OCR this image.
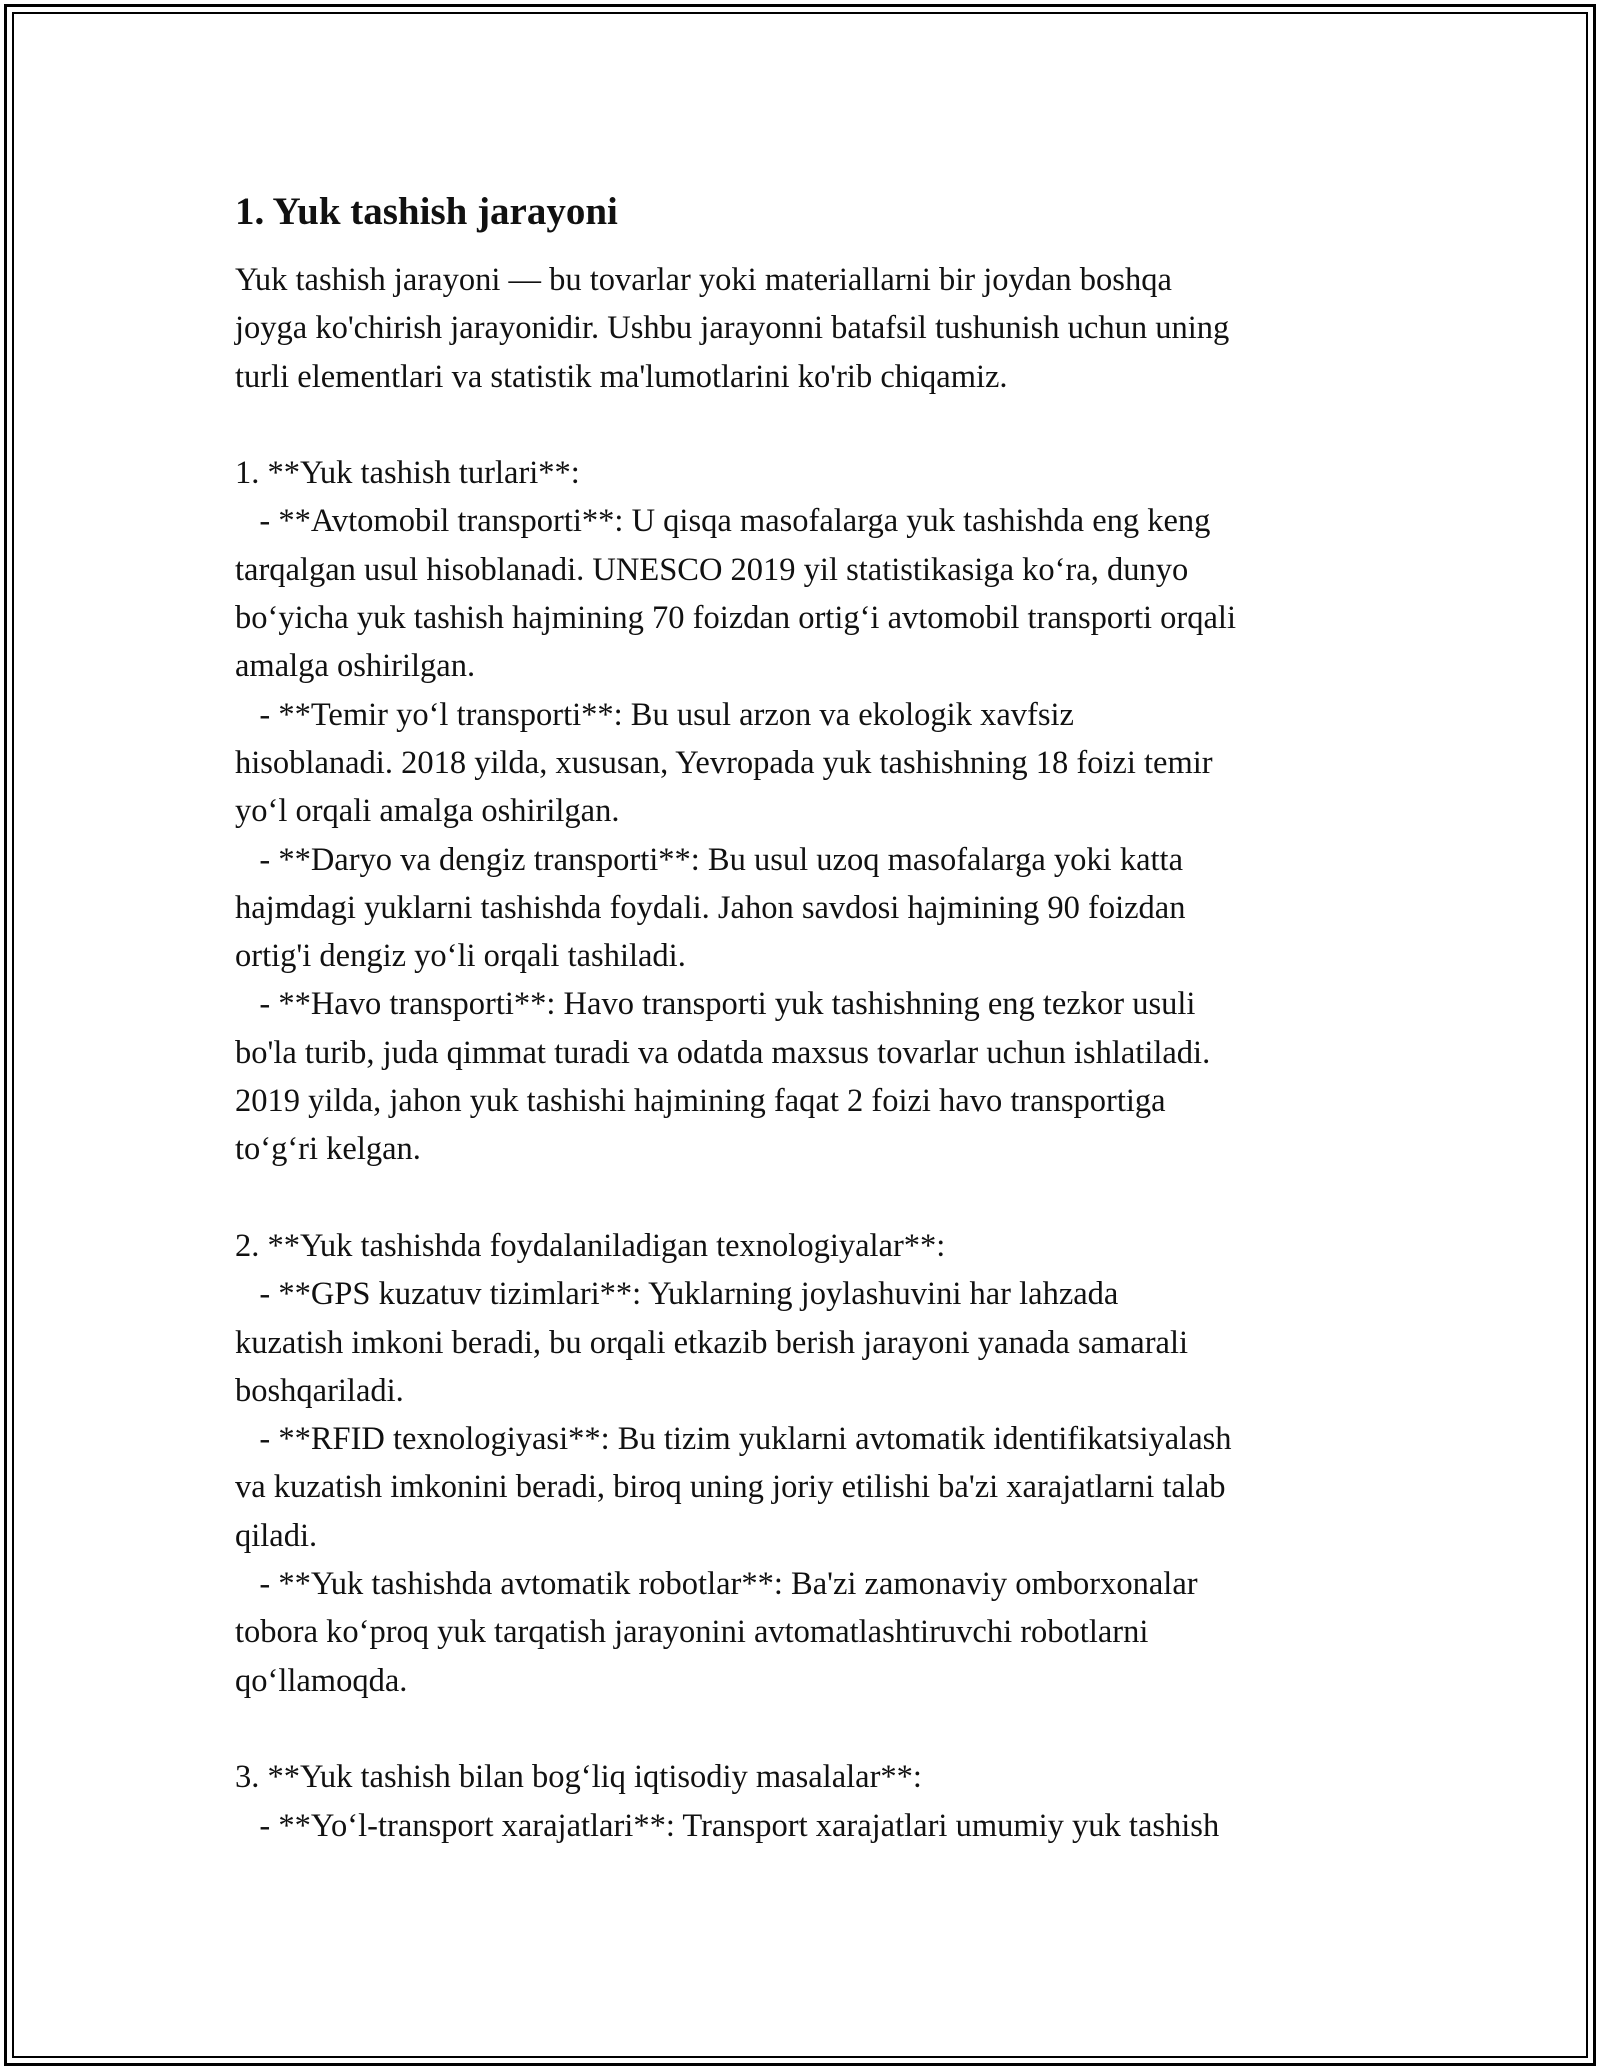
1. Yuk tashish jarayoni
Yuk tashish jarayoni — bu tovarlar yoki materiallarni bir joydan boshqa
joyga ko'chirish jarayonidir. Ushbu jarayonni batafsil tushunish uchun uning
turli elementlari va statistik ma'lumotlarini ko'rib chiqamiz.

1. **Yuk tashish turlari**:
- **Avtomobil transporti**: U qisqa masofalarga yuk tashishda eng keng
tarqalgan usul hisoblanadi. UNESCO 2019 yil statistikasiga ko‘ra, dunyo
bo‘yicha yuk tashish hajmining 70 foizdan ortig‘i avtomobil transporti orqali
amalga oshirilgan.
- **Temir yo‘l transporti**: Bu usul arzon va ekologik xavfsiz
hisoblanadi. 2018 yilda, xususan, Yevropada yuk tashishning 18 foizi temir
yo‘l orqali amalga oshirilgan.
- **Daryo va dengiz transporti**: Bu usul uzoq masofalarga yoki katta
hajmdagi yuklarni tashishda foydali. Jahon savdosi hajmining 90 foizdan
ortig'i dengiz yo‘li orqali tashiladi.
- **Havo transporti**: Havo transporti yuk tashishning eng tezkor usuli
bo'la turib, juda qimmat turadi va odatda maxsus tovarlar uchun ishlatiladi.
2019 yilda, jahon yuk tashishi hajmining faqat 2 foizi havo transportiga
to‘g‘ri kelgan.

2. **Yuk tashishda foydalaniladigan texnologiyalar**:
- **GPS kuzatuv tizimlari**: Yuklarning joylashuvini har lahzada
kuzatish imkoni beradi, bu orqali etkazib berish jarayoni yanada samarali
boshqariladi.
- **RFID texnologiyasi**: Bu tizim yuklarni avtomatik identifikatsiyalash
va kuzatish imkonini beradi, biroq uning joriy etilishi ba'zi xarajatlarni talab
qiladi.
- **Yuk tashishda avtomatik robotlar**: Ba'zi zamonaviy omborxonalar
tobora ko‘proq yuk tarqatish jarayonini avtomatlashtiruvchi robotlarni
qo‘llamoqda.

3. **Yuk tashish bilan bog‘liq iqtisodiy masalalar**:
- **Yo‘l-transport xarajatlari**: Transport xarajatlari umumiy yuk tashish
